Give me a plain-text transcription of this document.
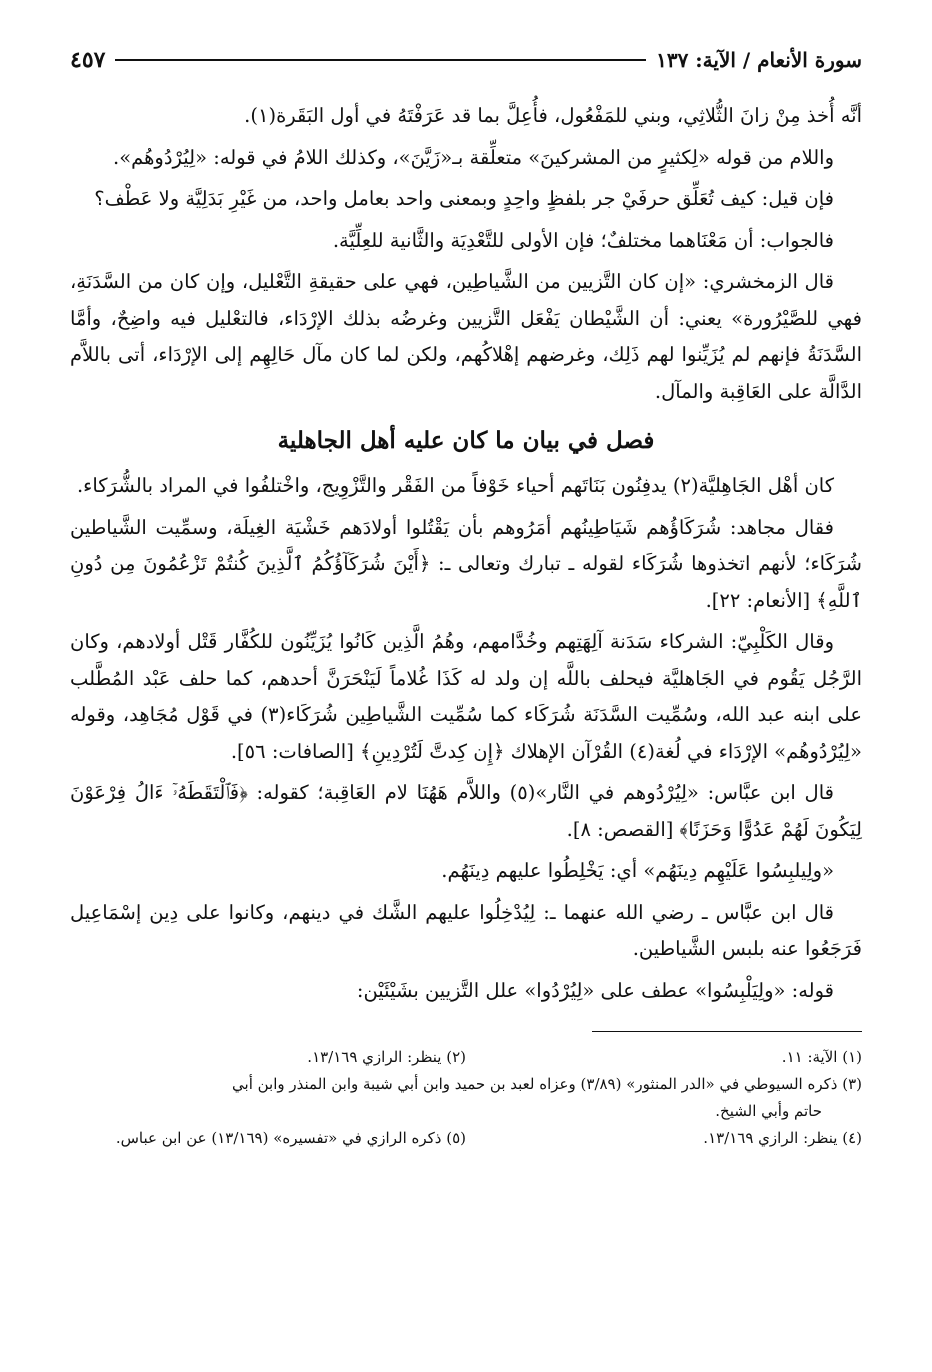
سورة الأنعام / الآية: ١٣٧
٤٥٧

أنَّه أُخذ مِنْ زانَ الثُّلاثِي، وبني للمَفْعُول، فأُعِلَّ بما قد عَرَفْتَهُ في أول البَقَرة(١).

واللام من قوله «لِكثيرٍ من المشركينَ» متعلِّقة بـ«زَيَّنَ»، وكذلك اللامُ في قوله: «لِيُرْدُوهُم».

فإن قيل: كيف تُعَلِّق حرفَيْ جر بلفظٍ واحِدٍ وبمعنى واحد بعامل واحد، من غَيْرِ بَدَلِيَّة ولا عَطْف؟

فالجواب: أن مَعْنَاهما مختلفٌ؛ فإن الأولى للتَّعْدِيَة والثَّانية للعِلِّيَّة.

قال الزمخشري: «إن كان التَّزيين من الشَّياطِين، فهي على حقيقةِ التَّعْليل، وإن كان من السَّدَنَةِ، فهي للصَّيْرُورة» يعني: أن الشَّيْطان يَفْعَل التَّزيين وغرضُه بذلك الإرْدَاء، فالتعْليل فيه واضِحٌ، وأمَّا السَّدَنَةُ فإنهم لم يُزَيِّنوا لهم ذَلِك، وغرضهم إهْلاكُهم، ولكن لما كان مآل حَالِهِم إلى الإرْدَاء، أتى باللاَّم الدَّالَّة على العَاقِبة والمآل.

فصل في بيان ما كان عليه أهل الجاهلية

كان أهْل الجَاهِليَّة(٢) يدفِنُون بَنَاتَهم أحياء خَوْفاً من الفَقْر والتَّزْوِيج، واخْتلفُوا في المراد بالشُّرَكاء.

فقال مجاهد: شُرَكَاؤُهم شَيَاطِينُهم أمَرُوهم بأن يَقْتُلوا أولادَهم خَشْيَة الغِيلَة، وسمِّيت الشَّياطين شُرَكَاء؛ لأنهم اتخذوها شُرَكَاء لقوله ـ تبارك وتعالى ـ: ﴿أَيْنَ شُرَكَآؤُكُمُ ٱلَّذِينَ كُنتُمْ تَزْعُمُونَ مِن دُونِ ٱللَّهِ﴾ [الأنعام: ٢٢].

وقال الكَلْبِيّ: الشركاء سَدَنة آلِهَتِهم وخُدَّامهم، وهُمُ الَّذِين كَانُوا يُزَيِّنُون للكُفَّار قَتْل أولادهم، وكان الرَّجُل يَقُوم في الجَاهليَّة فيحلف باللَّه إن ولد له كَذَا غُلاماً لَيَنْحَرَنَّ أحدهم، كما حلف عَبْد المُطَّلب على ابنه عبد الله، وسُمِّيت السَّدَنَة شُرَكَاء كما سُمِّيت الشَّياطِين شُرَكَاء(٣) في قَوْل مُجَاهِد، وقوله «لِيُرْدُوهُم» الإرْدَاء في لُغة(٤) القُرْآن الإهلاك ﴿إِن كِدتَّ لَتُرْدِينِ﴾ [الصافات: ٥٦].

قال ابن عبَّاس: «لِيُرْدُوهم في النَّار»(٥) واللاَّم هَهُنَا لام العَاقِبة؛ كقوله: ﴿فَٱلْتَقَطَهُۥٓ ءَالُ فِرْعَوْنَ لِيَكُونَ لَهُمْ عَدُوًّا وَحَزَنًا﴾ [القصص: ٨].

«ولِيلبِسُوا عَلَيْهِم دِينَهُم» أي: يَخْلِطُوا عليهم دِينَهُم.

قال ابن عبَّاس ـ رضي الله عنهما ـ: لِيُدْخِلُوا عليهم الشَّك في دينهم، وكانوا على دِين إسْمَاعِيل فَرَجَعُوا عنه بلبس الشَّياطين.

قوله: «ولِيَلْبِسُوا» عطف على «لِيُرْدُوا» علل التَّزيين بشَيْئَيْن:

(١) الآية: ١١.
(٢) ينظر: الرازي ١٣/١٦٩.
(٣) ذكره السيوطي في «الدر المنثور» (٣/٨٩) وعزاه لعبد بن حميد وابن أبي شيبة وابن المنذر وابن أبي
حاتم وأبي الشيخ.
(٤) ينظر: الرازي ١٣/١٦٩.
(٥) ذكره الرازي في «تفسيره» (١٣/١٦٩) عن ابن عباس.
